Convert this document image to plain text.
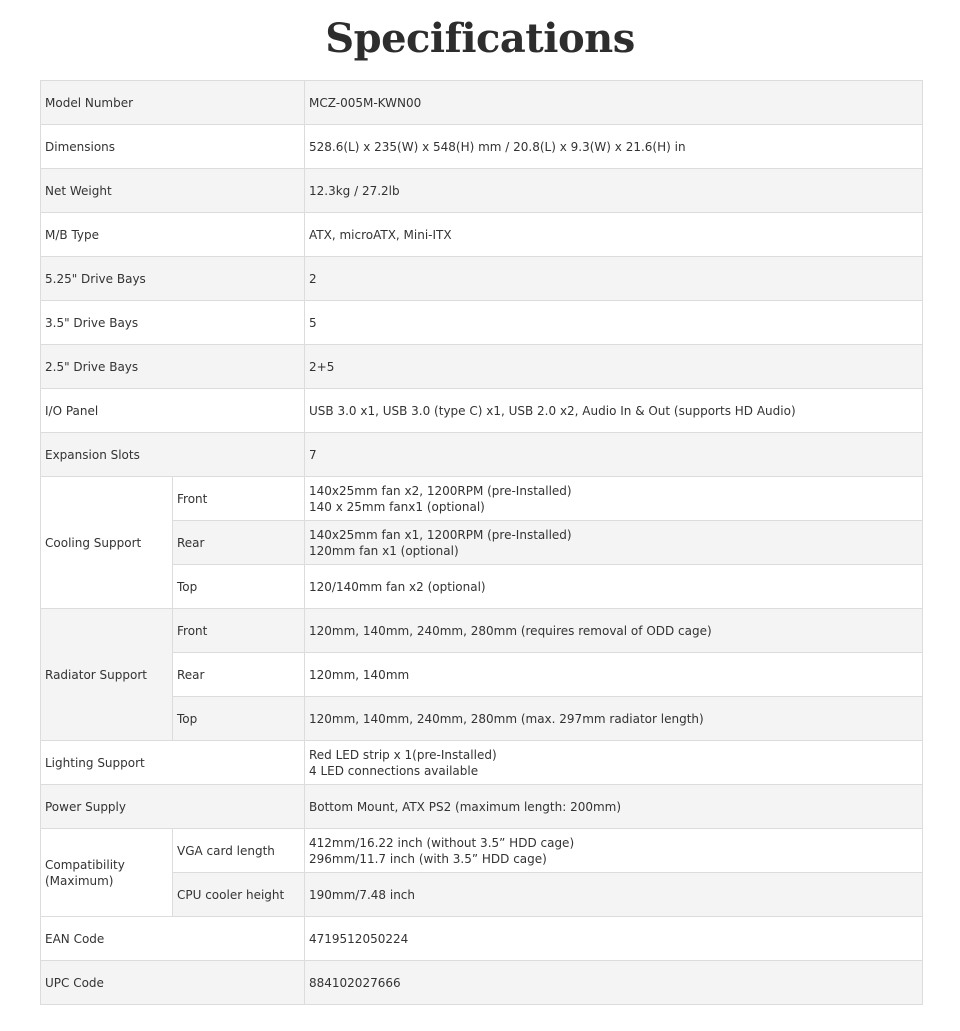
Specifications
Model Number		MCZ-005M-KWN00
Dimensions		528.6(L) x 235(W) x 548(H) mm / 20.8(L) x 9.3(W) x 21.6(H) in
Net Weight		12.3kg / 27.2lb
M/B Type		ATX, microATX, Mini-ITX
5.25" Drive Bays		2
3.5" Drive Bays		5
2.5" Drive Bays		2+5
I/O Panel		USB 3.0 x1, USB 3.0 (type C) x1, USB 2.0 x2, Audio In & Out (supports HD Audio)
Expansion Slots		7
Cooling Support	Front	140x25mm fan x2, 1200RPM (pre-Installed)
140 x 25mm fanx1 (optional)

	Rear	140x25mm fan x1, 1200RPM (pre-Installed)
120mm fan x1 (optional)

	Top	120/140mm fan x2 (optional)
Radiator Support	Front	120mm, 140mm, 240mm, 280mm (requires removal of ODD cage)
	Rear	120mm, 140mm
	Top	120mm, 140mm, 240mm, 280mm (max. 297mm radiator length)
Lighting Support		Red LED strip x 1(pre-Installed)
4 LED connections available

Power Supply		Bottom Mount, ATX PS2 (maximum length: 200mm)

Compatibility
(Maximum)	VGA card length	412mm/16.22 inch (without 3.5” HDD cage)
296mm/11.7 inch (with 3.5” HDD cage)

	CPU cooler height	190mm/7.48 inch
EAN Code		4719512050224
UPC Code		884102027666
